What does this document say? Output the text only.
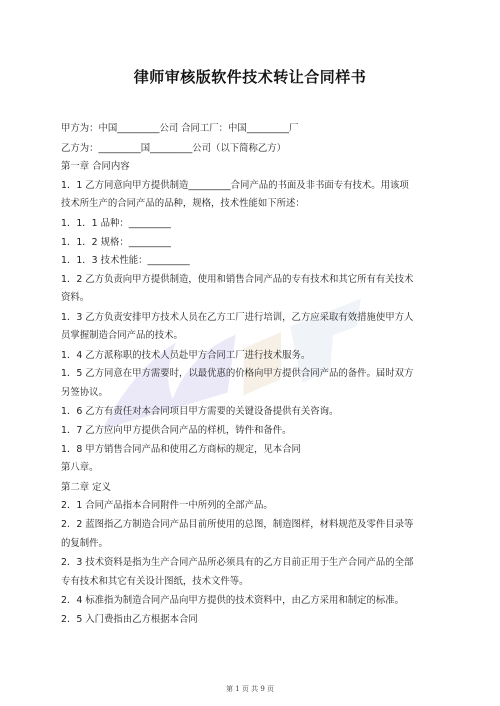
律师审核版软件技术转让合同样书
甲方为：中国_________公司 合同工厂：中国_________厂
乙方为：_________国_________公司（以下简称乙方）
第一章 合同内容
1．1 乙方同意向甲方提供制造_________合同产品的书面及非书面专有技术。用该项
技术所生产的合同产品的品种，规格，技术性能如下所述：
1．1．1 品种：_________
1．1．2 规格：_________
1．1．3 技术性能：_________
1．2 乙方负责向甲方提供制造，使用和销售合同产品的专有技术和其它所有有关技术
资料。
1．3 乙方负责安排甲方技术人员在乙方工厂进行培训，乙方应采取有效措施使甲方人
员掌握制造合同产品的技术。
1．4 乙方派称职的技术人员赴甲方合同工厂进行技术服务。
1．5 乙方同意在甲方需要时，以最优惠的价格向甲方提供合同产品的备件。届时双方
另签协议。
1．6 乙方有责任对本合同项目甲方需要的关键设备提供有关咨询。
1．7 乙方应向甲方提供合同产品的样机，铸件和备件。
1．8 甲方销售合同产品和使用乙方商标的规定，见本合同
第八章。
第二章 定义
2．1 合同产品指本合同附件一中所列的全部产品。
2．2 蓝图指乙方制造合同产品目前所使用的总图，制造图样，材料规范及零件目录等
的复制件。
2．3 技术资料是指为生产合同产品所必须具有的乙方目前正用于生产合同产品的全部
专有技术和其它有关设计图纸，技术文件等。
2．4 标准指为制造合同产品向甲方提供的技术资料中，由乙方采用和制定的标准。
2．5 入门费指由乙方根据本合同
第 1 页 共 9 页
